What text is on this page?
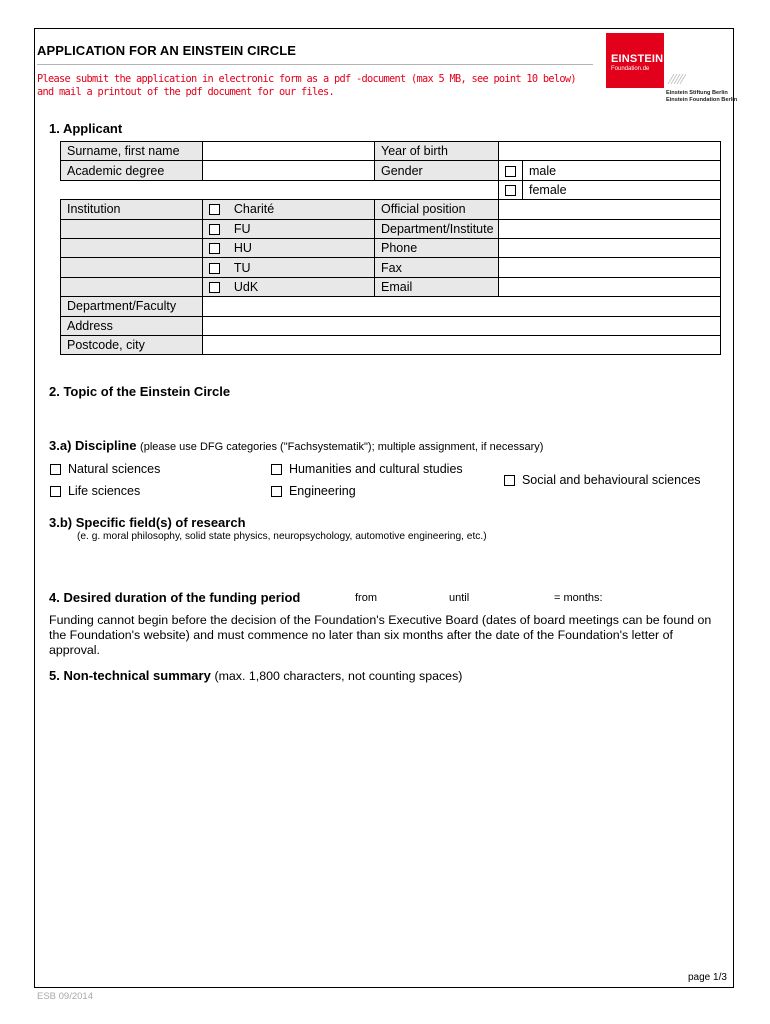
APPLICATION FOR AN EINSTEIN CIRCLE
Please submit the application in electronic form as a pdf -document (max 5 MB, see point 10 below)
and mail a printout of the pdf document for our files.
EINSTEIN
Foundation.de
Einstein Stiftung Berlin
Einstein Foundation Berlin
1. Applicant
Surname, first name		Year of birth		
Academic degree		Gender		male
				female
Institution	Charité	Official position		
	FU	Department/Institute		
	HU	Phone		
	TU	Fax		
	UdK	Email		
Department/Faculty				
Address				
Postcode, city				
2. Topic of the Einstein Circle
3.a) Discipline (please use DFG categories ("Fachsystematik"); multiple assignment, if necessary)
Natural sciences
Life sciences
Humanities and cultural studies
Engineering
Social and behavioural sciences
3.b) Specific field(s) of research
(e. g. moral philosophy, solid state physics, neuropsychology, automotive engineering, etc.)
4. Desired duration of the funding period	from	until	= months:
Funding cannot begin before the decision of the Foundation's Executive Board (dates of board meetings can be found on the Foundation's website) and must commence no later than six months after the date of the Foundation's letter of approval.
5. Non-technical summary (max. 1,800 characters, not counting spaces)
page 1/3
ESB 09/2014
